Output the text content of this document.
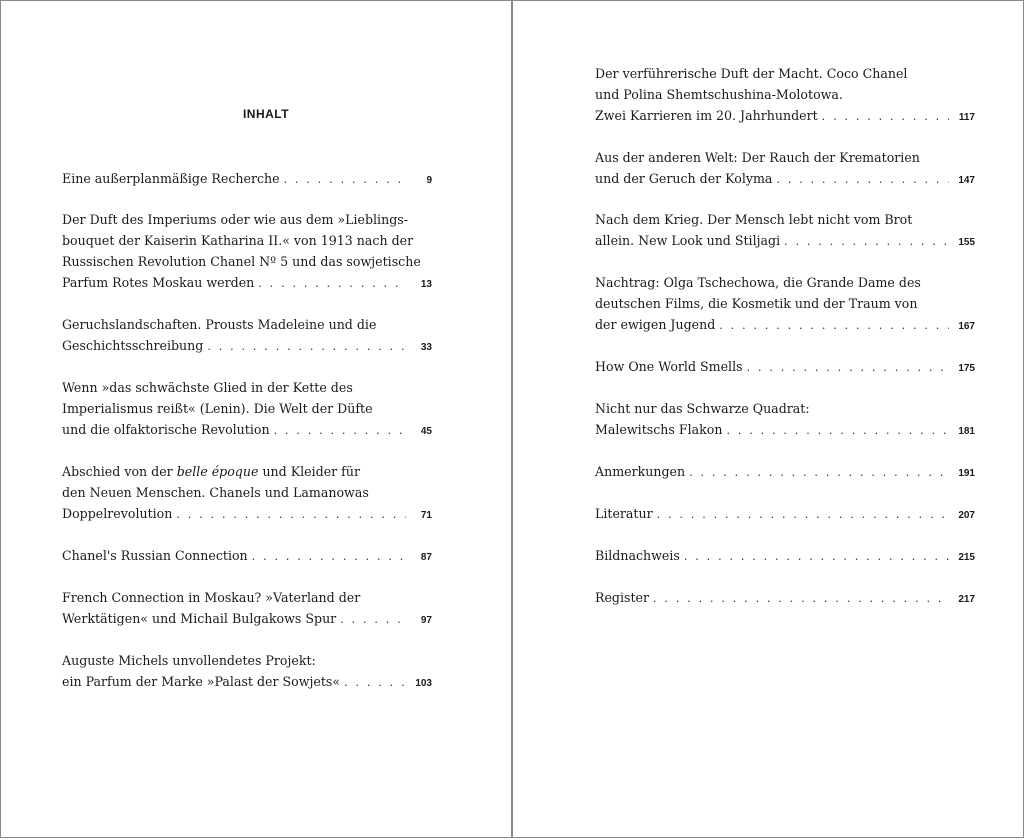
INHALT
Eine außerplanmäßige Recherche . . .	9
Der Duft des Imperiums oder wie aus dem »Lieblings-
bouquet der Kaiserin Katharina II.« von 1913 nach der
Russischen Revolution Chanel Nº 5 und das sowjetische
Parfum Rotes Moskau werden . . .	13
Geruchslandschaften. Prousts Madeleine und die
Geschichtsschreibung . . .	33
Wenn »das schwächste Glied in der Kette des
Imperialismus reißt« (Lenin). Die Welt der Düfte
und die olfaktorische Revolution . . .	45
Abschied von der belle époque und Kleider für
den Neuen Menschen. Chanels und Lamanowas
Doppelrevolution . . .	71
Chanel's Russian Connection . . .	87
French Connection in Moskau? »Vaterland der
Werktätigen« und Michail Bulgakows Spur . . .	97
Auguste Michels unvollendetes Projekt:
ein Parfum der Marke »Palast der Sowjets« . . .	103
Der verführerische Duft der Macht. Coco Chanel
und Polina Shemtschushina-Molotowa.
Zwei Karrieren im 20. Jahrhundert . . .	117
Aus der anderen Welt: Der Rauch der Krematorien
und der Geruch der Kolyma . . .	147
Nach dem Krieg. Der Mensch lebt nicht vom Brot
allein. New Look und Stiljagi . . .	155
Nachtrag: Olga Tschechowa, die Grande Dame des
deutschen Films, die Kosmetik und der Traum von
der ewigen Jugend . . .	167
How One World Smells . . .	175
Nicht nur das Schwarze Quadrat:
Malewitschs Flakon . . .	181
Anmerkungen . . .	191
Literatur . . .	207
Bildnachweis . . .	215
Register . . .	217
